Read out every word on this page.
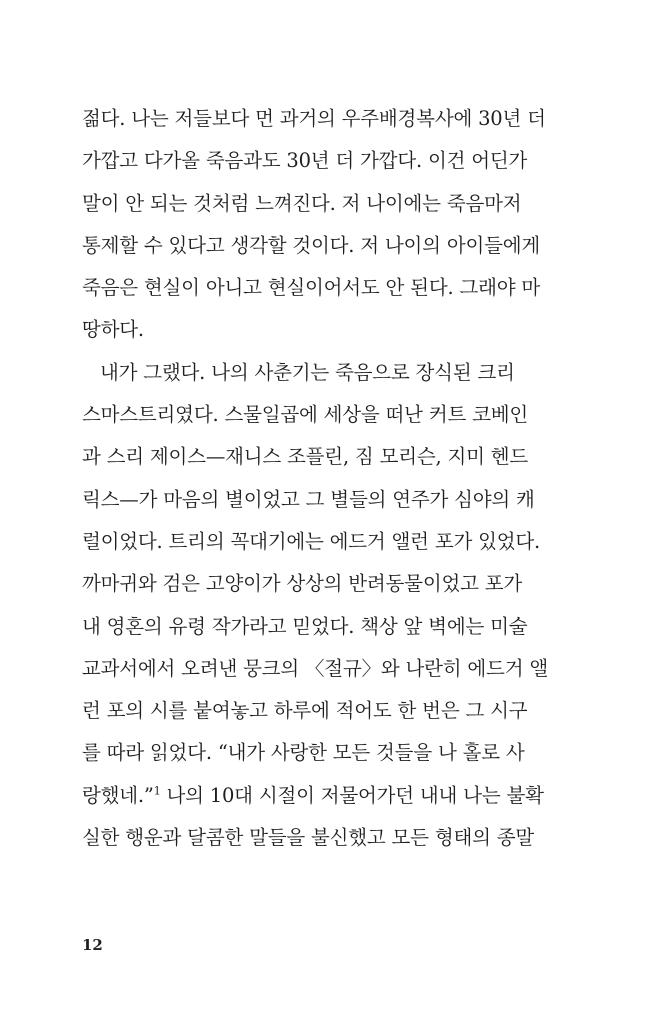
젊다. 나는 저들보다 먼 과거의 우주배경복사에 30년 더
가깝고 다가올 죽음과도 30년 더 가깝다. 이건 어딘가
말이 안 되는 것처럼 느껴진다. 저 나이에는 죽음마저
통제할 수 있다고 생각할 것이다. 저 나이의 아이들에게
죽음은 현실이 아니고 현실이어서도 안 된다. 그래야 마
땅하다.
내가 그랬다. 나의 사춘기는 죽음으로 장식된 크리
스마스트리였다. 스물일곱에 세상을 떠난 커트 코베인
과 스리 제이스—재니스 조플린, 짐 모리슨, 지미 헨드
릭스—가 마음의 별이었고 그 별들의 연주가 심야의 캐
럴이었다. 트리의 꼭대기에는 에드거 앨런 포가 있었다.
까마귀와 검은 고양이가 상상의 반려동물이었고 포가
내 영혼의 유령 작가라고 믿었다. 책상 앞 벽에는 미술
교과서에서 오려낸 뭉크의 〈절규〉와 나란히 에드거 앨
런 포의 시를 붙여놓고 하루에 적어도 한 번은 그 시구
를 따라 읽었다. “내가 사랑한 모든 것들을 나 홀로 사
랑했네.”$^1$ 나의 10대 시절이 저물어가던 내내 나는 불확
실한 행운과 달콤한 말들을 불신했고 모든 형태의 종말
12
